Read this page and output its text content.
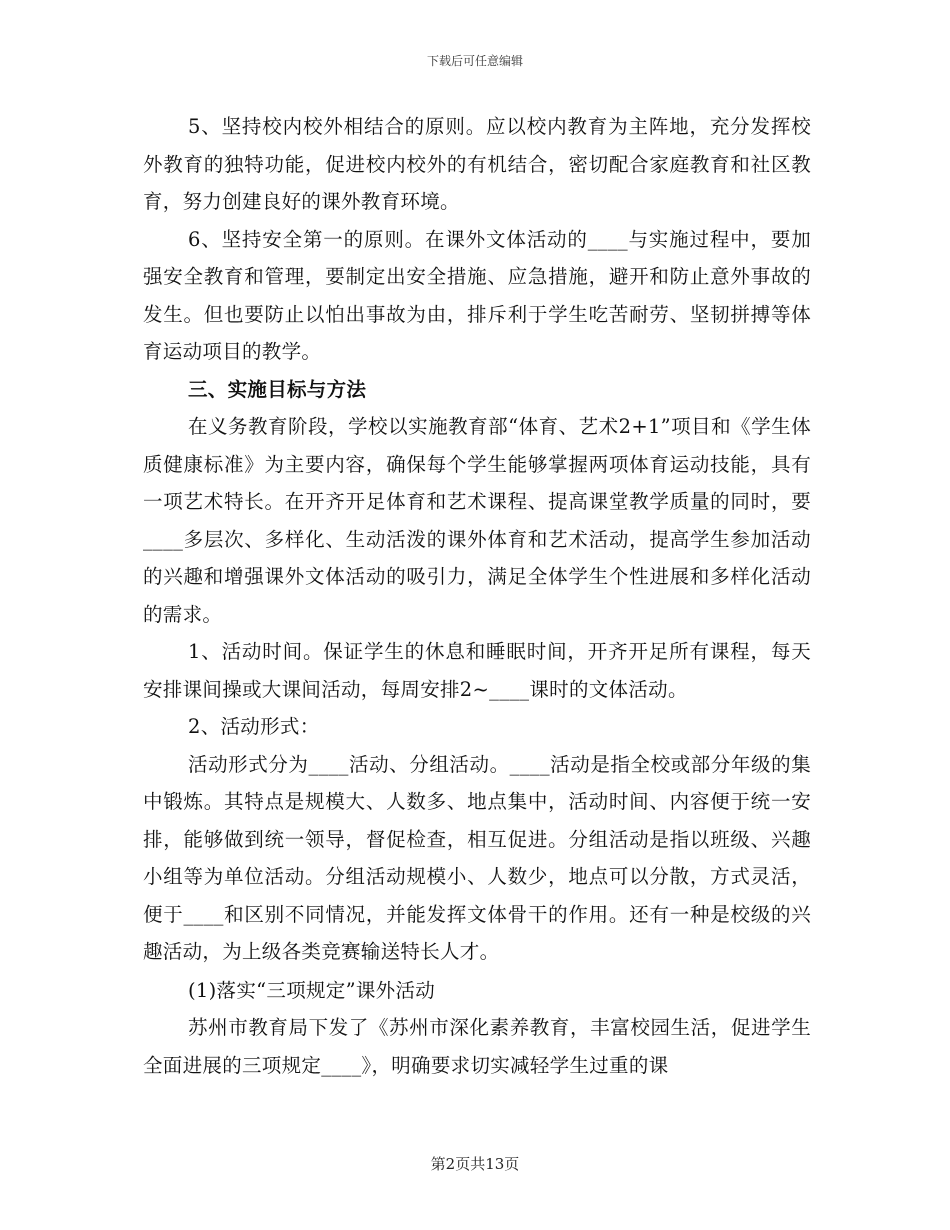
下载后可任意编辑

5、坚持校内校外相结合的原则。应以校内教育为主阵地，充分发挥校外教育的独特功能，促进校内校外的有机结合，密切配合家庭教育和社区教育，努力创建良好的课外教育环境。

6、坚持安全第一的原则。在课外文体活动的____与实施过程中，要加强安全教育和管理，要制定出安全措施、应急措施，避开和防止意外事故的发生。但也要防止以怕出事故为由，排斥利于学生吃苦耐劳、坚韧拼搏等体育运动项目的教学。

三、实施目标与方法

在义务教育阶段，学校以实施教育部“体育、艺术2+1”项目和《学生体质健康标准》为主要内容，确保每个学生能够掌握两项体育运动技能，具有一项艺术特长。在开齐开足体育和艺术课程、提高课堂教学质量的同时，要____多层次、多样化、生动活泼的课外体育和艺术活动，提高学生参加活动的兴趣和增强课外文体活动的吸引力，满足全体学生个性进展和多样化活动的需求。

1、活动时间。保证学生的休息和睡眠时间，开齐开足所有课程，每天安排课间操或大课间活动，每周安排2~____课时的文体活动。

2、活动形式：

活动形式分为____活动、分组活动。____活动是指全校或部分年级的集中锻炼。其特点是规模大、人数多、地点集中，活动时间、内容便于统一安排，能够做到统一领导，督促检查，相互促进。分组活动是指以班级、兴趣小组等为单位活动。分组活动规模小、人数少，地点可以分散，方式灵活，便于____和区别不同情况，并能发挥文体骨干的作用。还有一种是校级的兴趣活动，为上级各类竞赛输送特长人才。

(1)落实“三项规定”课外活动

苏州市教育局下发了《苏州市深化素养教育，丰富校园生活，促进学生全面进展的三项规定____》，明确要求切实减轻学生过重的课

第2页共13页
